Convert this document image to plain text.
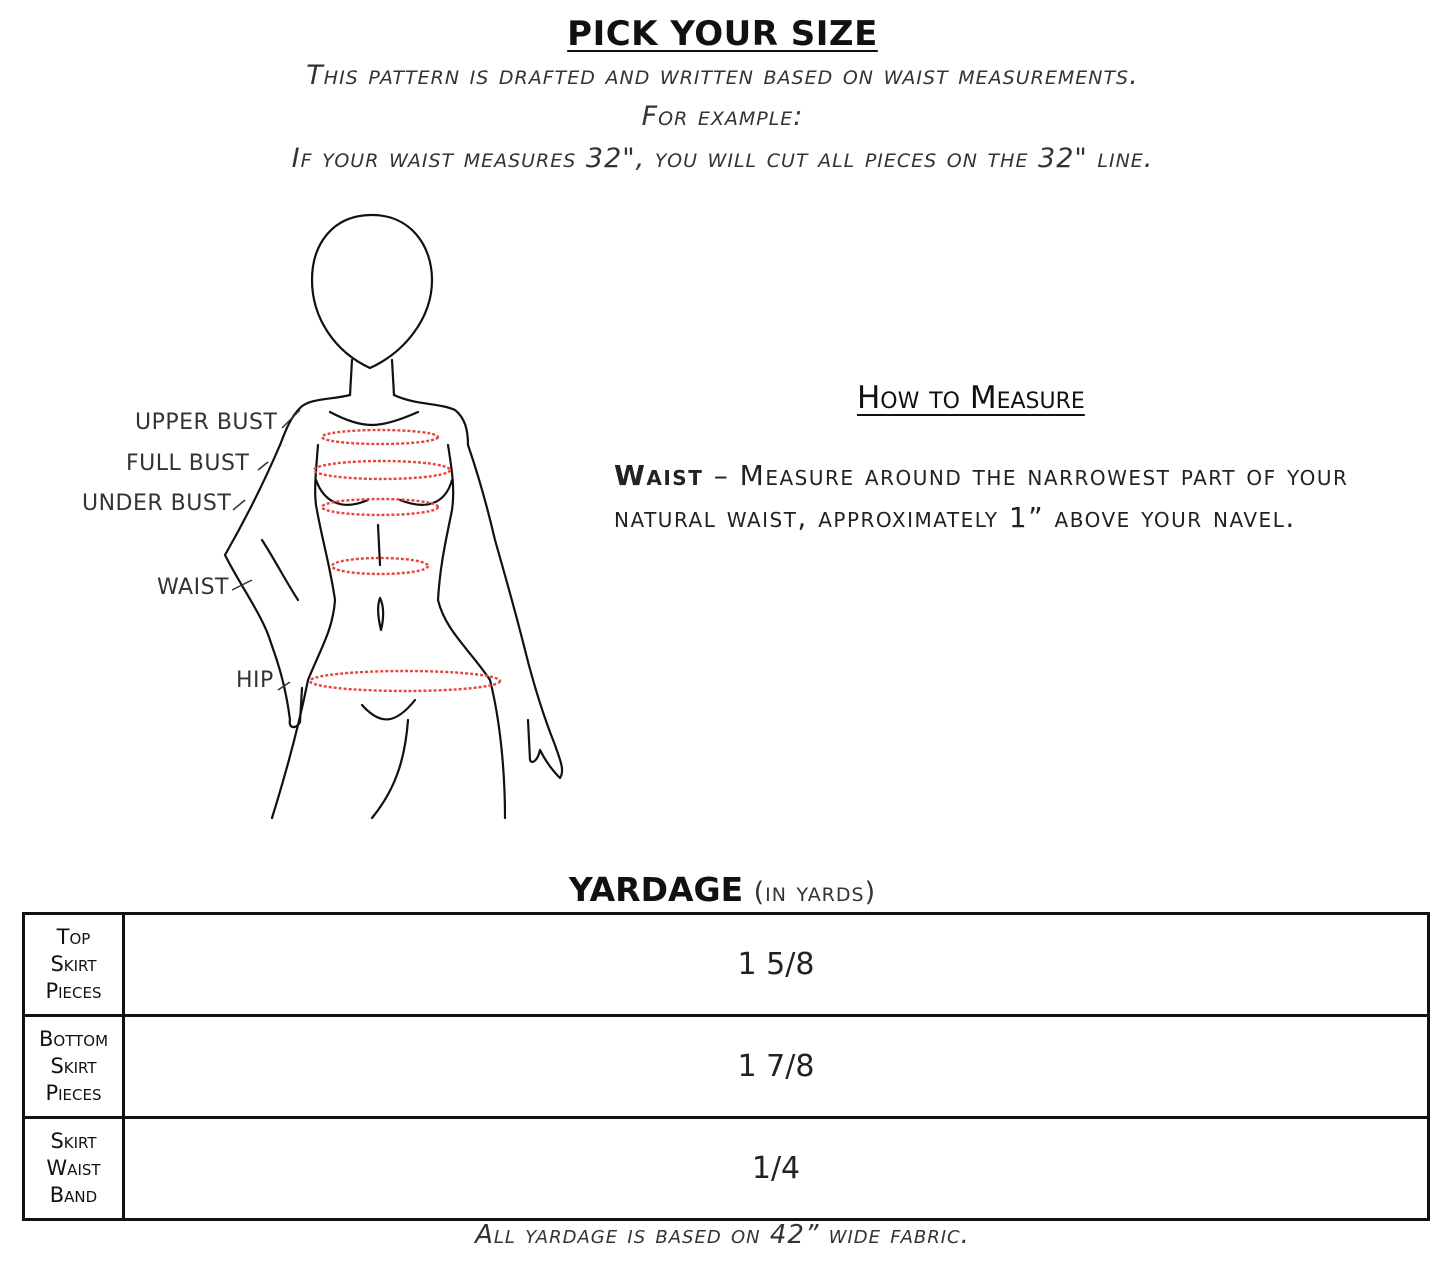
PICK YOUR SIZE
This pattern is drafted and written based on waist measurements.
For example:
If your waist measures 32", you will cut all pieces on the 32" line.
UPPER BUST
FULL BUST
UNDER BUST
WAIST
HIP
How to Measure
Waist – Measure around the narrowest part of your natural waist, approximately 1” above your navel.
YARDAGE (in yards)
Top
Skirt
Pieces	1 5/8

Bottom
Skirt
Pieces	1 7/8

Skirt
Waist
Band	1/4
All yardage is based on 42” wide fabric.
